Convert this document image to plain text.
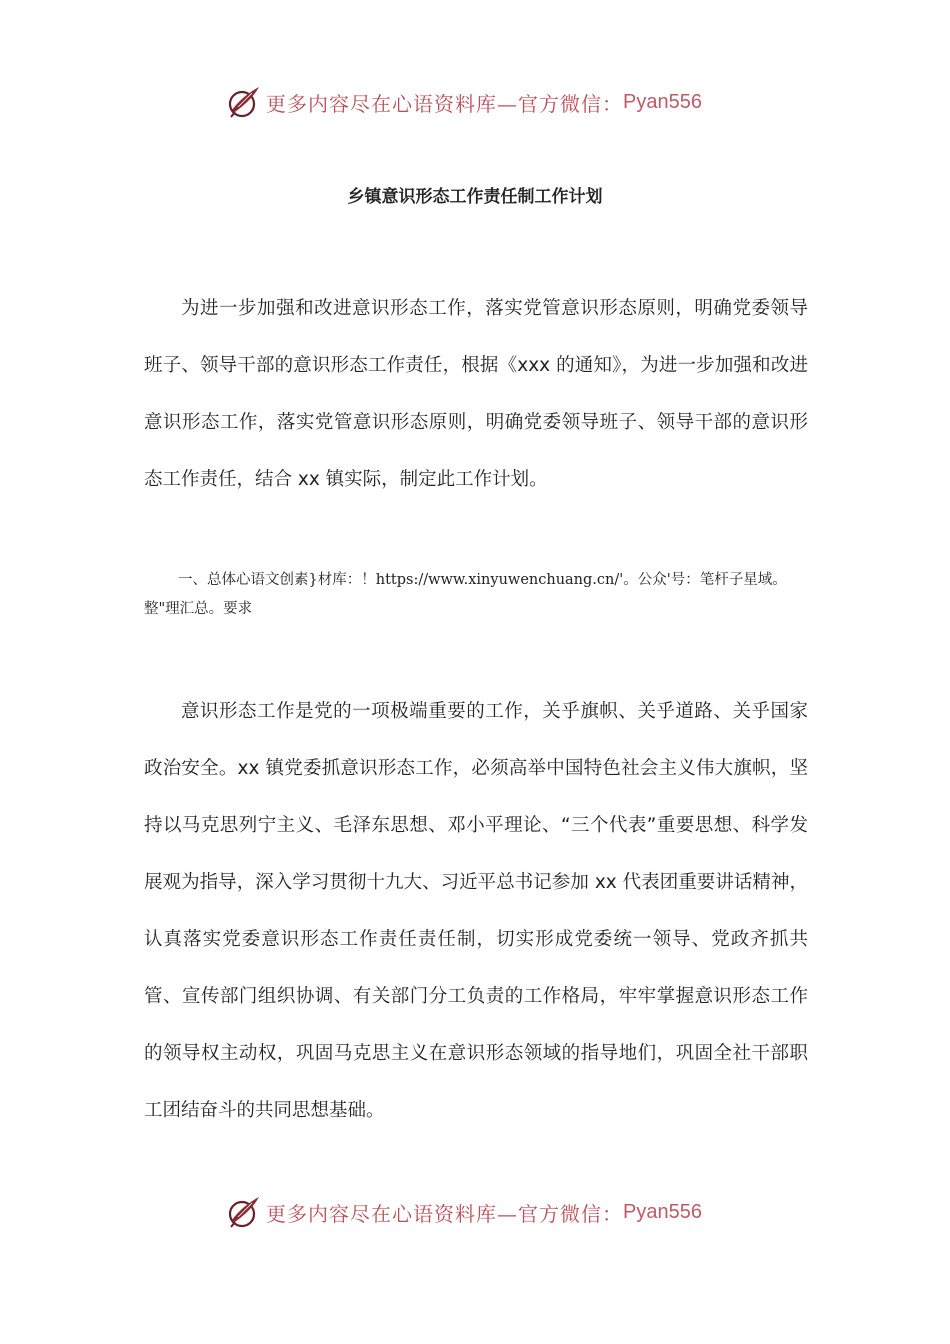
更多内容尽在心语资料库—官方微信： Pyan556
乡镇意识形态工作责任制工作计划

为进一步加强和改进意识形态工作，落实党管意识形态原则，明确党委领导班子、领导干部的意识形态工作责任，根据《xxx 的通知》，为进一步加强和改进意识形态工作，落实党管意识形态原则，明确党委领导班子、领导干部的意识形态工作责任，结合 xx 镇实际，制定此工作计划。

一、总体心语文创素}材库：！https://www.xinyuwenchuang.cn/'。公众'号：笔杆子星域。整"理汇总。要求

意识形态工作是党的一项极端重要的工作，关乎旗帜、关乎道路、关乎国家政治安全。xx 镇党委抓意识形态工作，必须高举中国特色社会主义伟大旗帜，坚持以马克思列宁主义、毛泽东思想、邓小平理论、“三个代表”重要思想、科学发展观为指导，深入学习贯彻十九大、习近平总书记参加 xx 代表团重要讲话精神，认真落实党委意识形态工作责任责任制，切实形成党委统一领导、党政齐抓共管、宣传部门组织协调、有关部门分工负责的工作格局，牢牢掌握意识形态工作的领导权主动权，巩固马克思主义在意识形态领域的指导地们，巩固全社干部职工团结奋斗的共同思想基础。

更多内容尽在心语资料库—官方微信： Pyan556
